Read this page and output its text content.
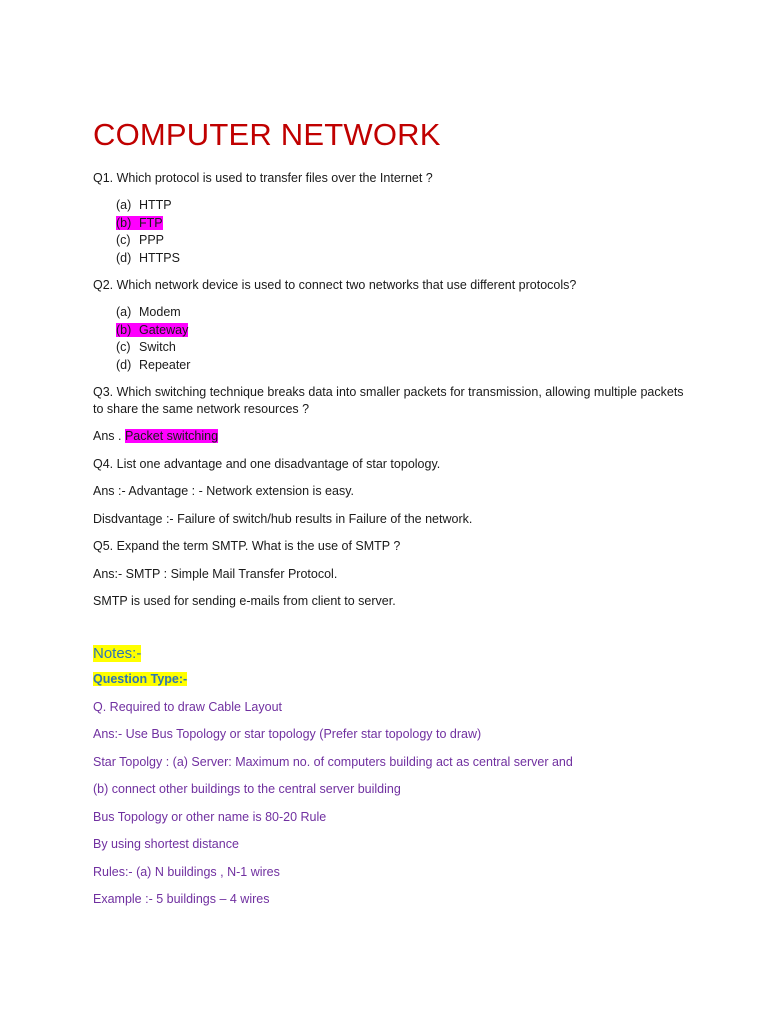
COMPUTER NETWORK
Q1. Which protocol is used to transfer files over the Internet ?
(a) HTTP
(b) FTP
(c) PPP
(d) HTTPS
Q2. Which network device is used to connect two networks that use different protocols?
(a) Modem
(b) Gateway
(c) Switch
(d) Repeater
Q3. Which switching technique breaks data into smaller packets for transmission, allowing multiple packets to share the same network resources ?
Ans . Packet switching
Q4. List one advantage and one disadvantage of star topology.
Ans :- Advantage : - Network extension is easy.
Disdvantage :- Failure of switch/hub results in Failure of the network.
Q5. Expand the term SMTP. What is the use of SMTP ?
Ans:- SMTP : Simple Mail Transfer Protocol.
SMTP is used for sending e-mails from client to server.
Notes:-
Question Type:-
Q. Required to draw Cable Layout
Ans:- Use Bus Topology or star topology (Prefer star topology to draw)
Star Topolgy : (a) Server: Maximum no. of computers building act as central server and
(b) connect other buildings to the central server building
Bus Topology or other name is 80-20 Rule
By using shortest distance
Rules:- (a) N buildings , N-1 wires
Example :- 5 buildings – 4 wires
